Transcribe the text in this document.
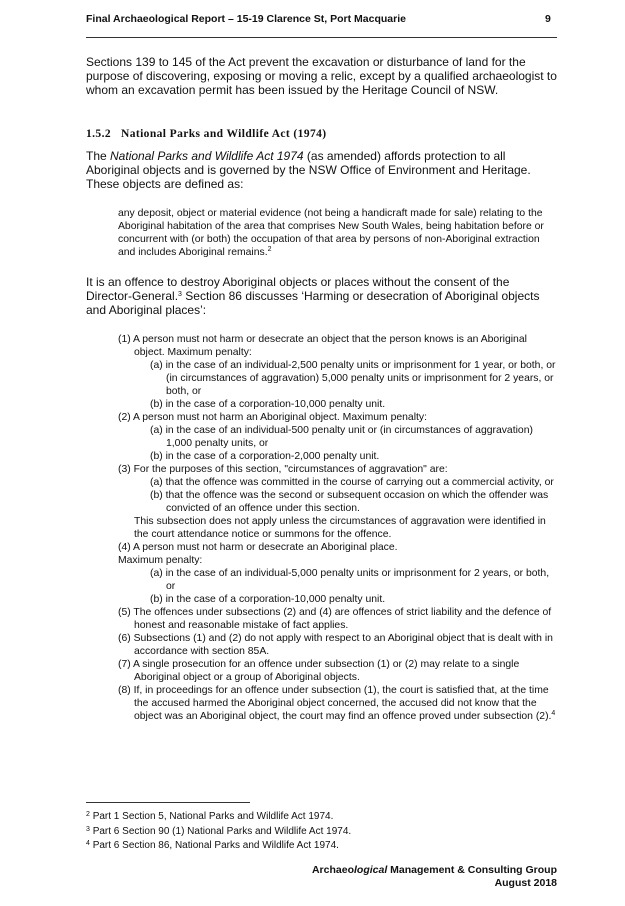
Final Archaeological Report – 15-19 Clarence St, Port Macquarie	9

Sections 139 to 145 of the Act prevent the excavation or disturbance of land for the purpose of discovering, exposing or moving a relic, except by a qualified archaeologist to whom an excavation permit has been issued by the Heritage Council of NSW.

1.5.2 National Parks and Wildlife Act (1974)

The National Parks and Wildlife Act 1974 (as amended) affords protection to all Aboriginal objects and is governed by the NSW Office of Environment and Heritage. These objects are defined as:

any deposit, object or material evidence (not being a handicraft made for sale) relating to the Aboriginal habitation of the area that comprises New South Wales, being habitation before or concurrent with (or both) the occupation of that area by persons of non-Aboriginal extraction and includes Aboriginal remains.$^2$

It is an offence to destroy Aboriginal objects or places without the consent of the Director-General.$^3$ Section 86 discusses ‘Harming or desecration of Aboriginal objects and Aboriginal places’:

(1) A person must not harm or desecrate an object that the person knows is an Aboriginal object. Maximum penalty:

(a) in the case of an individual-2,500 penalty units or imprisonment for 1 year, or both, or (in circumstances of aggravation) 5,000 penalty units or imprisonment for 2 years, or both, or

(b) in the case of a corporation-10,000 penalty unit.

(2) A person must not harm an Aboriginal object. Maximum penalty:

(a) in the case of an individual-500 penalty unit or (in circumstances of aggravation) 1,000 penalty units, or

(b) in the case of a corporation-2,000 penalty unit.

(3) For the purposes of this section, "circumstances of aggravation" are:

(a) that the offence was committed in the course of carrying out a commercial activity, or

(b) that the offence was the second or subsequent occasion on which the offender was convicted of an offence under this section.

This subsection does not apply unless the circumstances of aggravation were identified in the court attendance notice or summons for the offence.

(4) A person must not harm or desecrate an Aboriginal place.

Maximum penalty:

(a) in the case of an individual-5,000 penalty units or imprisonment for 2 years, or both, or

(b) in the case of a corporation-10,000 penalty unit.

(5) The offences under subsections (2) and (4) are offences of strict liability and the defence of honest and reasonable mistake of fact applies.

(6) Subsections (1) and (2) do not apply with respect to an Aboriginal object that is dealt with in accordance with section 85A.

(7) A single prosecution for an offence under subsection (1) or (2) may relate to a single Aboriginal object or a group of Aboriginal objects.

(8) If, in proceedings for an offence under subsection (1), the court is satisfied that, at the time the accused harmed the Aboriginal object concerned, the accused did not know that the object was an Aboriginal object, the court may find an offence proved under subsection (2).$^4$

$^2$ Part 1 Section 5, National Parks and Wildlife Act 1974.
$^3$ Part 6 Section 90 (1) National Parks and Wildlife Act 1974.
$^4$ Part 6 Section 86, National Parks and Wildlife Act 1974.
Archaeological Management & Consulting Group
August 2018
